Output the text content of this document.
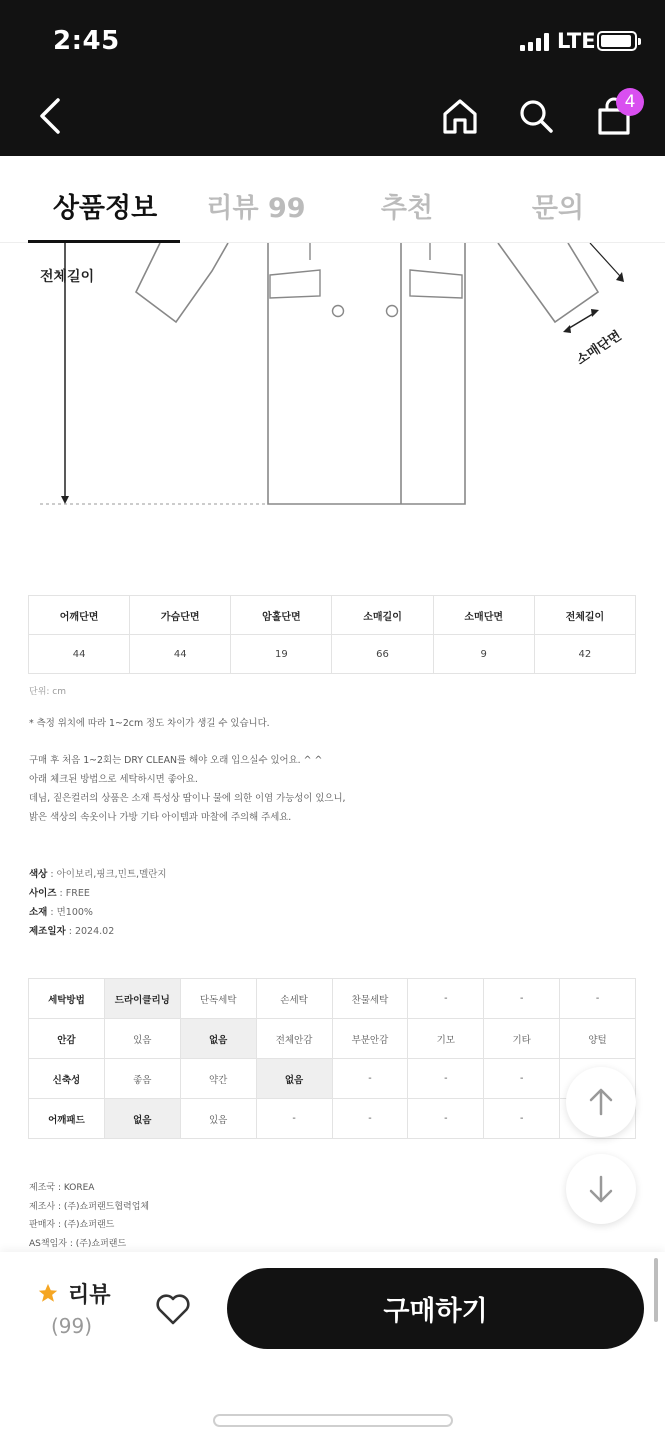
2:45	LTE
4
상품정보	리뷰 99	추천	문의
소매단면
전체길이
어깨단면	가슴단면	암홀단면	소매길이	소매단면	전체길이
44	44	19	66	9	42
단위: cm
* 측정 위치에 따라 1~2cm 정도 차이가 생길 수 있습니다.
구매 후 처음 1~2회는 DRY CLEAN를 해야 오래 입으실수 있어요. ^ ^
아래 체크된 방법으로 세탁하시면 좋아요.
데님, 짙은컬러의 상품은 소재 특성상 땀이나 물에 의한 이염 가능성이 있으니,
밝은 색상의 속옷이나 가방 기타 아이템과 마찰에 주의해 주세요.
색상 : 아이보리,핑크,민트,멜란지
사이즈 : FREE
소재 : 면100%
제조일자 : 2024.02
세탁방법	드라이클리닝	단독세탁	손세탁	찬물세탁	-	-	-
안감	있음	없음	전체안감	부분안감	기모	기타	양털
신축성	좋음	약간	없음	-	-	-	
어깨패드	없음	있음	-	-	-	-	
제조국 : KOREA
제조사 : (주)쇼퍼랜드협력업체
판매자 : (주)쇼퍼랜드
AS책임자 : (주)쇼퍼랜드
리뷰
(99)	구매하기
